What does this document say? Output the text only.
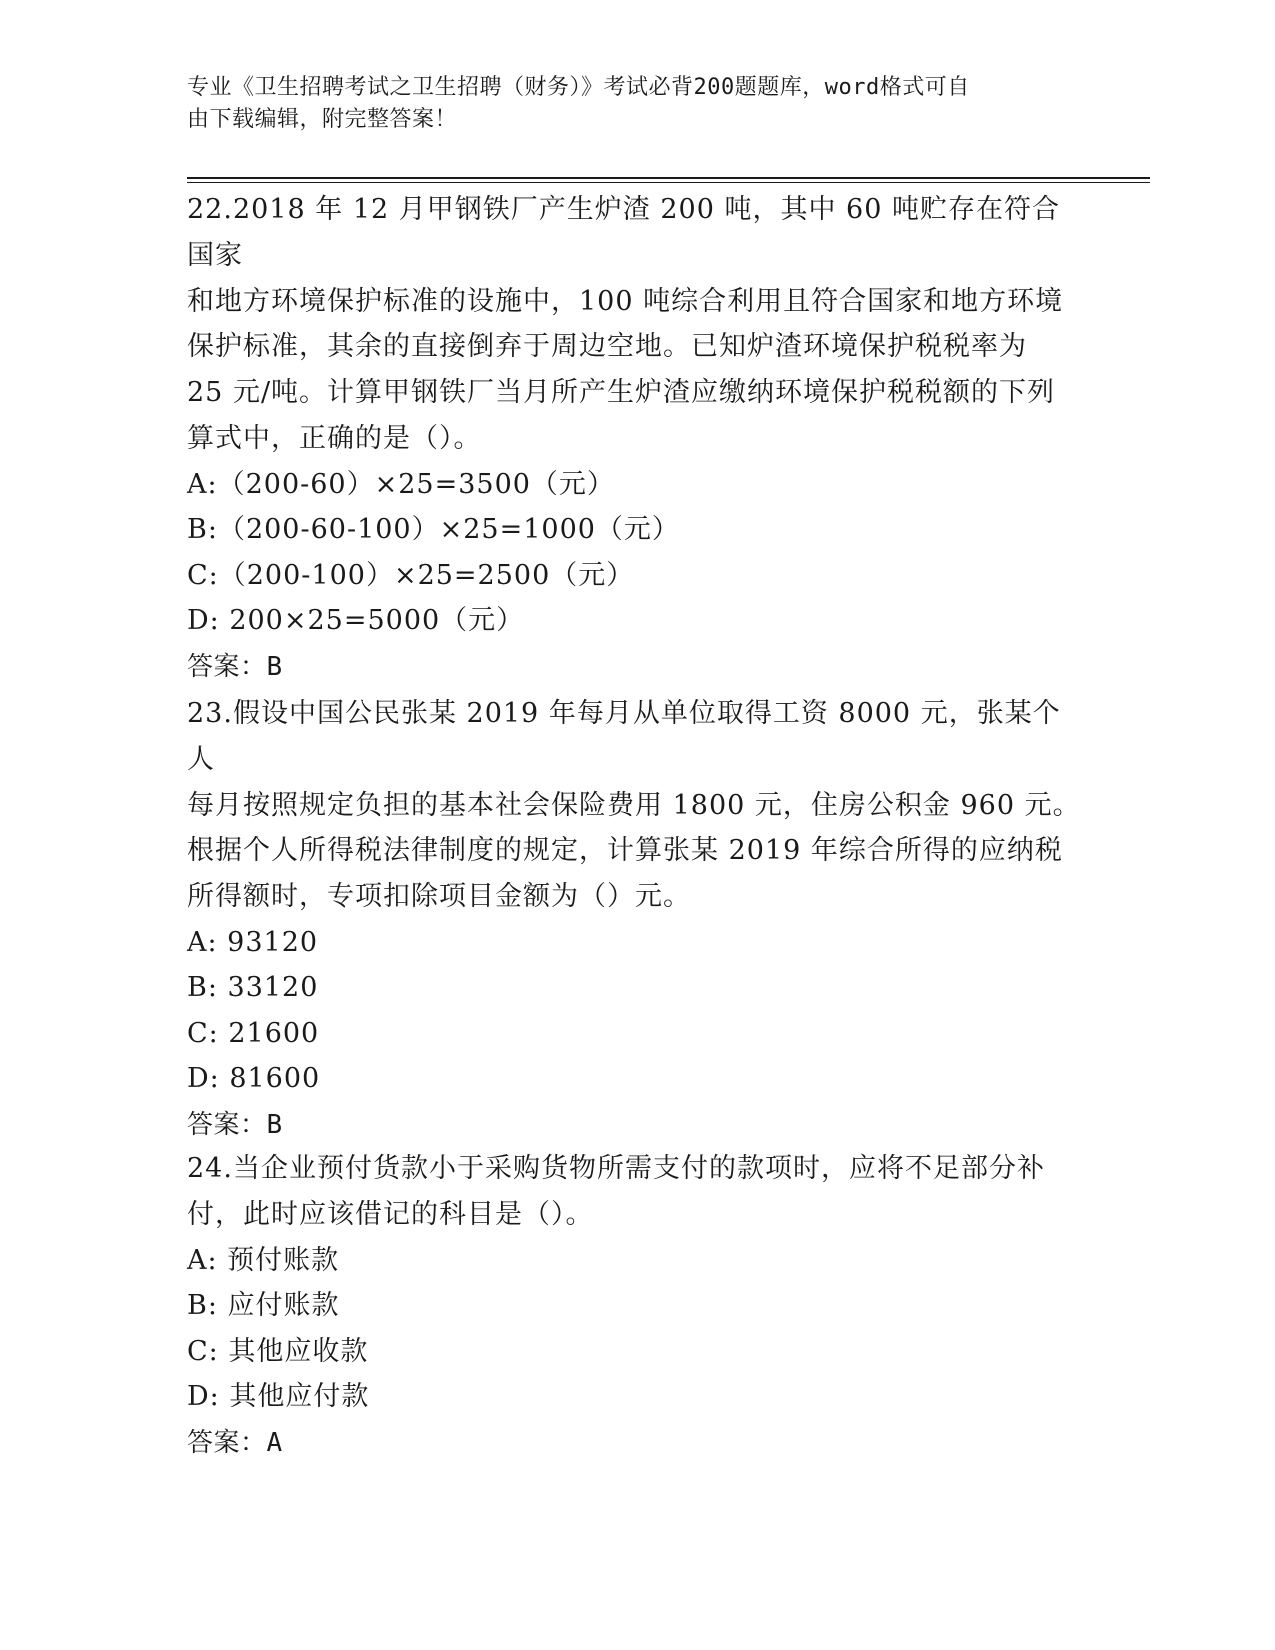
专业《卫生招聘考试之卫生招聘（财务）》考试必背200题题库，word格式可自
由下载编辑，附完整答案！
22.2018 年 12 月甲钢铁厂产生炉渣 200 吨，其中 60 吨贮存在符合国家
和地方环境保护标准的设施中，100 吨综合利用且符合国家和地方环境
保护标准，其余的直接倒弃于周边空地。已知炉渣环境保护税税率为
25 元/吨。计算甲钢铁厂当月所产生炉渣应缴纳环境保护税税额的下列
算式中，正确的是（）。
A:（200-60）×25=3500（元）
B:（200-60-100）×25=1000（元）
C:（200-100）×25=2500（元）
D: 200×25=5000（元）
答案：B
23.假设中国公民张某 2019 年每月从单位取得工资 8000 元，张某个人
每月按照规定负担的基本社会保险费用 1800 元，住房公积金 960 元。
根据个人所得税法律制度的规定，计算张某 2019 年综合所得的应纳税
所得额时，专项扣除项目金额为（）元。
A: 93120
B: 33120
C: 21600
D: 81600
答案：B
24.当企业预付货款小于采购货物所需支付的款项时，应将不足部分补
付，此时应该借记的科目是（）。
A: 预付账款
B: 应付账款
C: 其他应收款
D: 其他应付款
答案：A
